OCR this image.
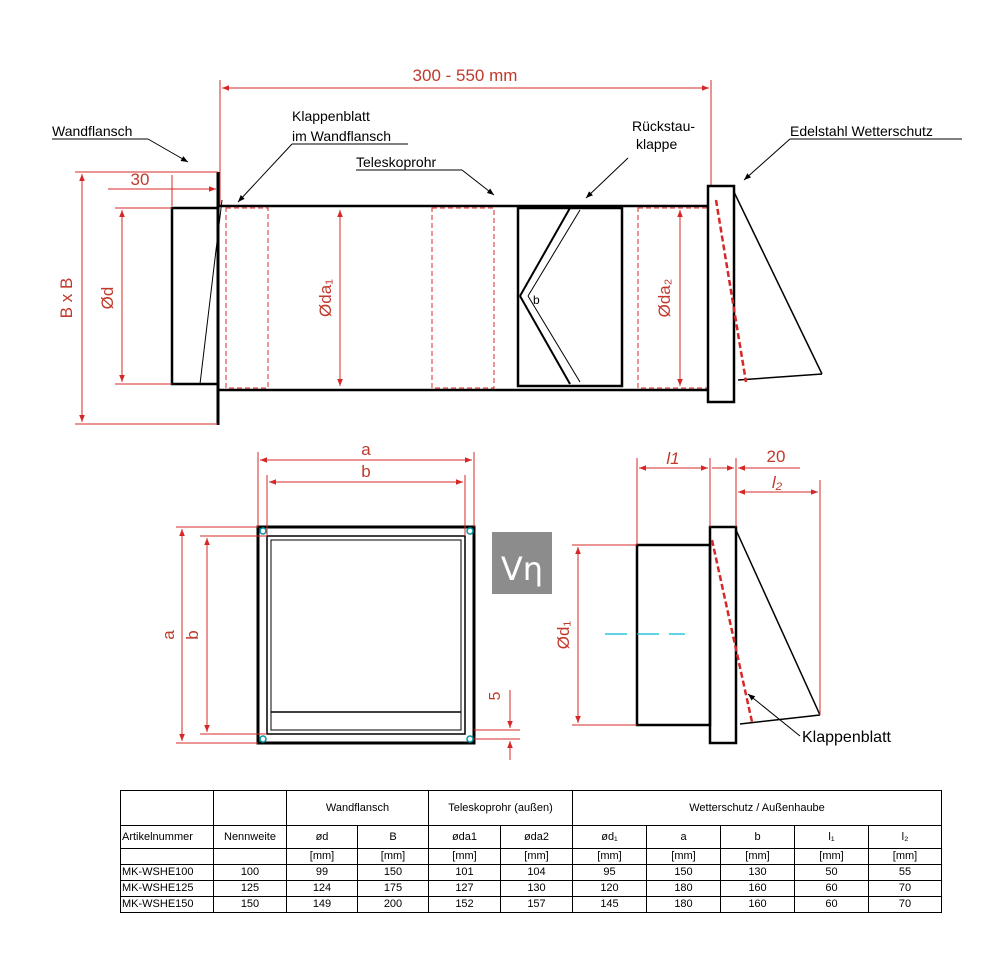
300 - 550 mm
b
30
B x B Ød	Øda₁	Øda₂
Wandflansch
Klappenblatt
im Wandflansch
Teleskoprohr
Rückstau-
klappe
Edelstahl Wetterschutz
a
b
a b
5
Vη
l1	20
l₂
Ød₁
Klappenblatt
		Wandflansch		Teleskoprohr (außen)		Wetterschutz / Außenhaube				
Artikelnummer	Nennweite	ød	B	øda1	øda2	ød₁	a	b	l₁	l₂
		[mm]	[mm]	[mm]	[mm]	[mm]	[mm]	[mm]	[mm]	[mm]
MK-WSHE100	100	99	150	101	104	95	150	130	50	55
MK-WSHE125	125	124	175	127	130	120	180	160	60	70
MK-WSHE150	150	149	200	152	157	145	180	160	60	70
